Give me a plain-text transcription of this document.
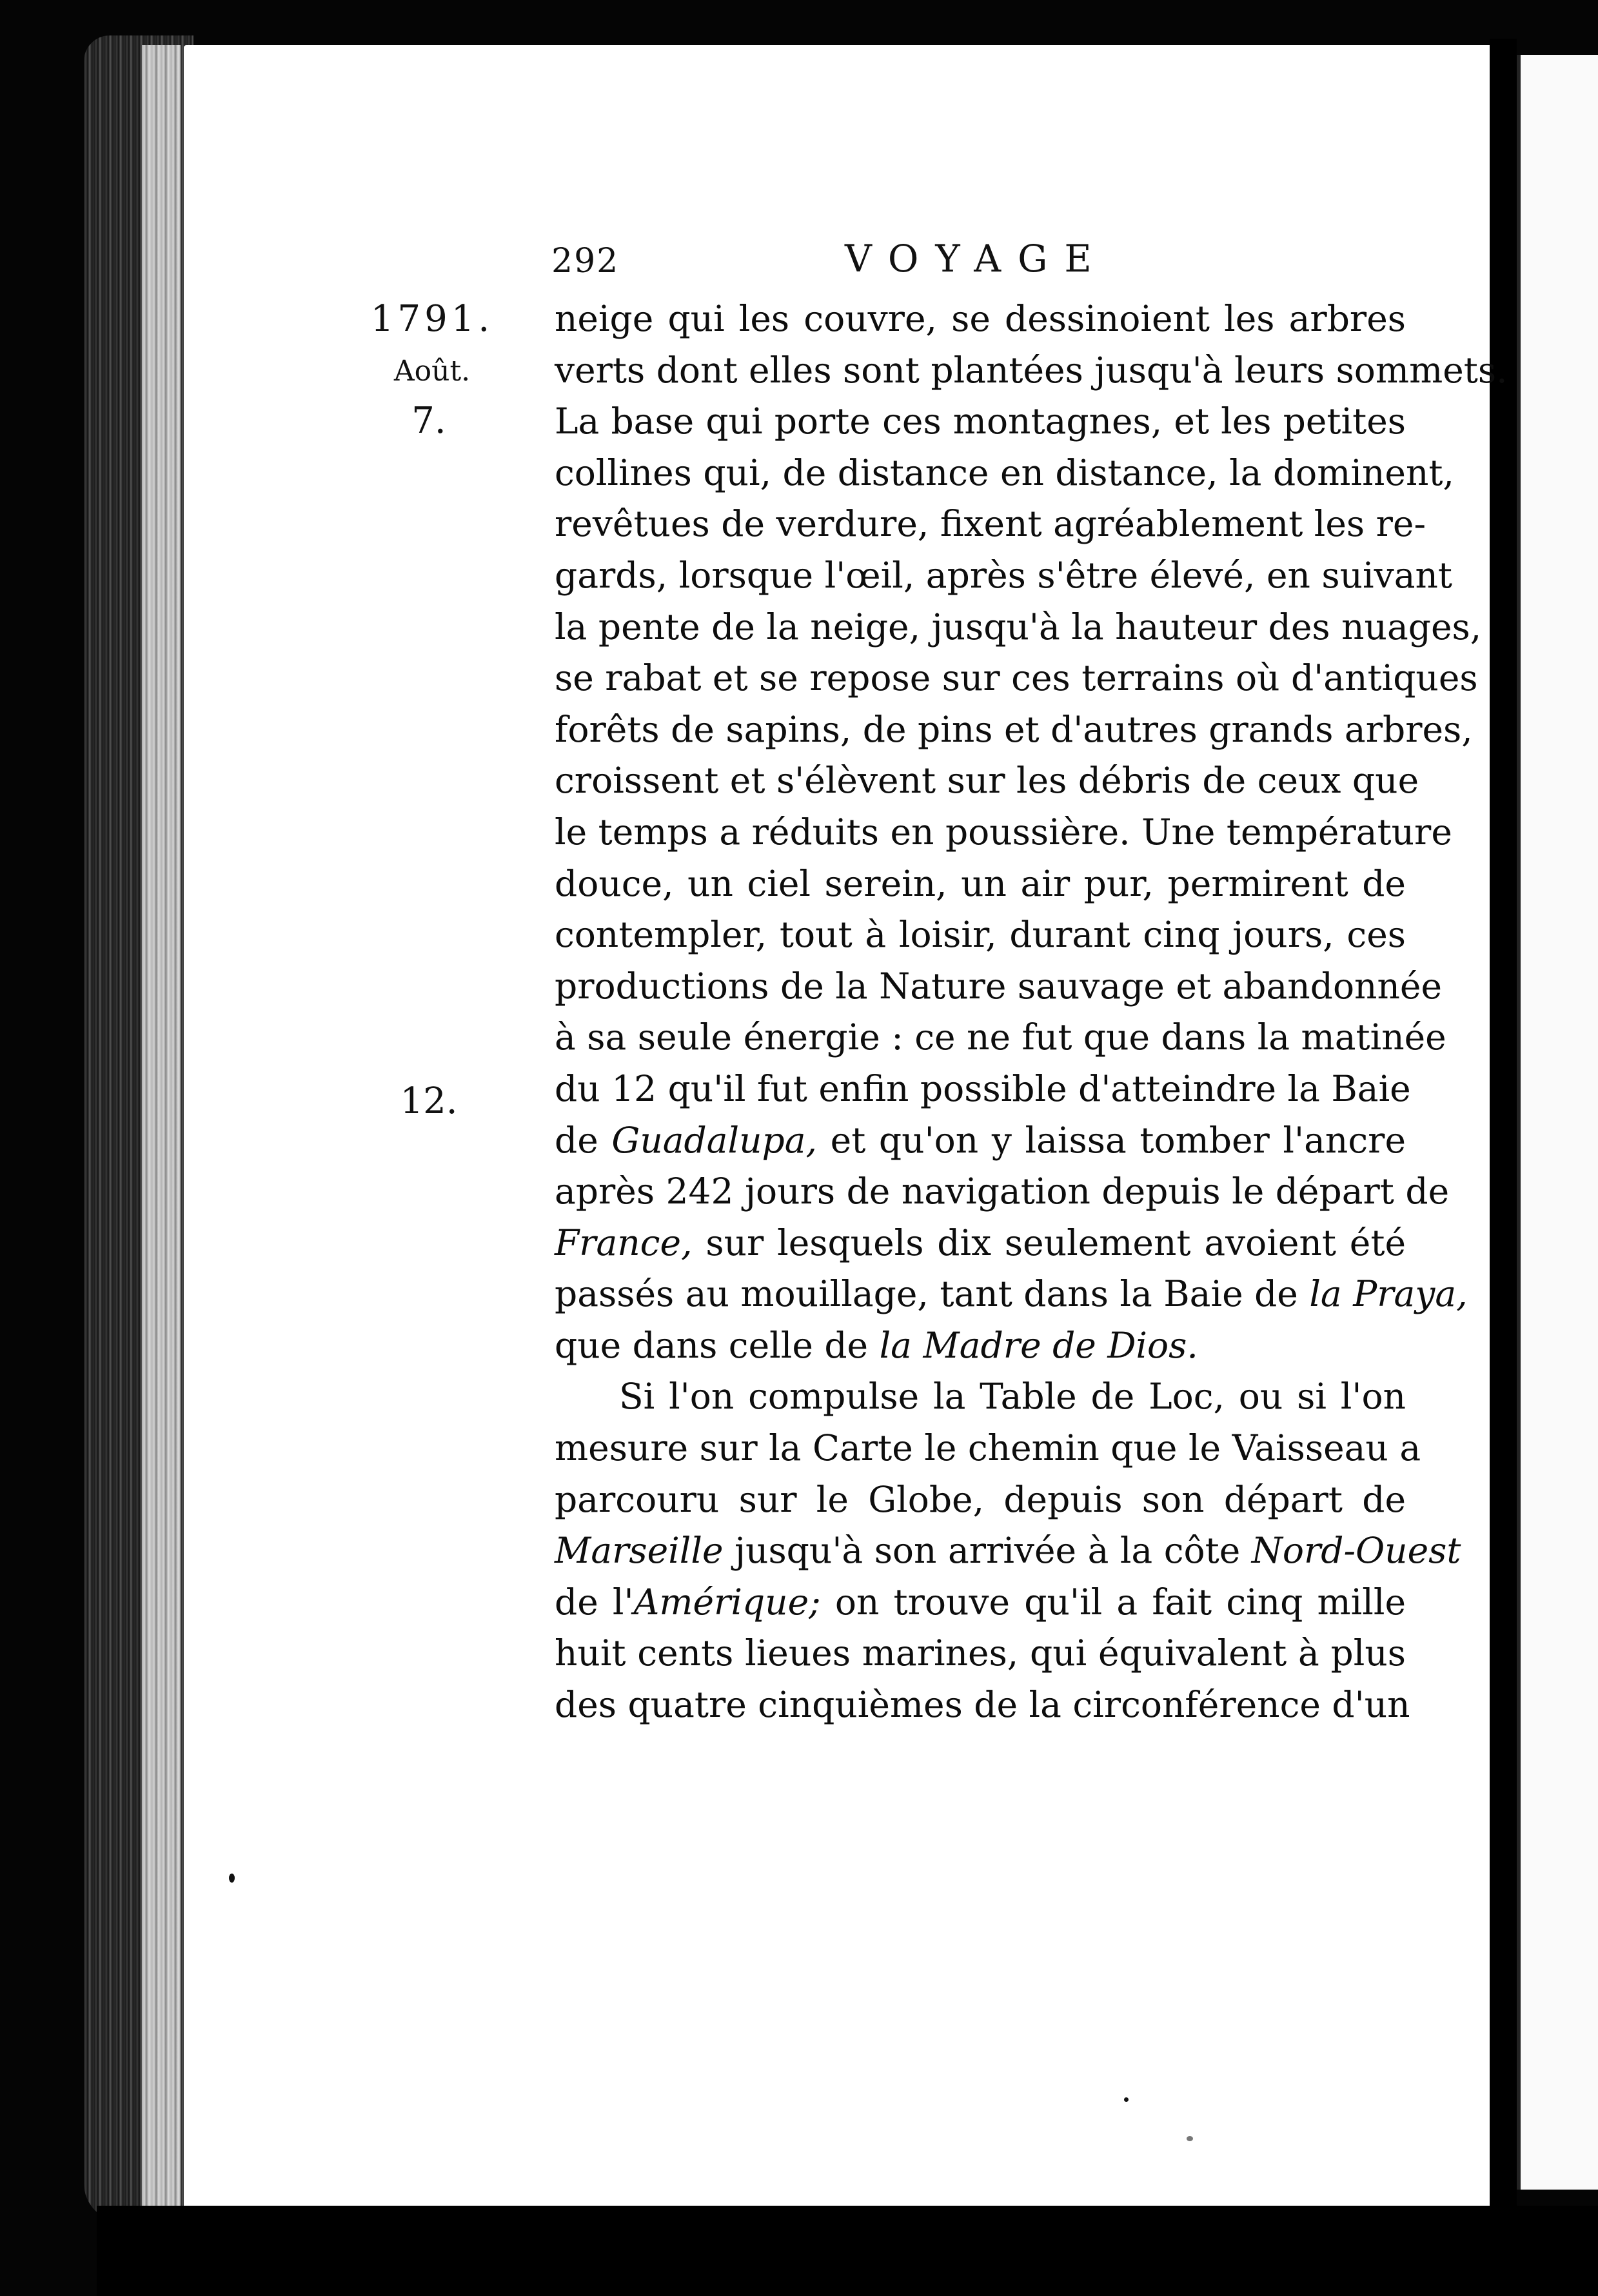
292	VOYAGE
1791.
Août.
7.
12.
neige qui les couvre, se dessinoient les arbres
verts dont elles sont plantées jusqu'à leurs sommets.
La base qui porte ces montagnes, et les petites
collines qui, de distance en distance, la dominent,
revêtues de verdure, fixent agréablement les re-
gards, lorsque l'œil, après s'être élevé, en suivant
la pente de la neige, jusqu'à la hauteur des nuages,
se rabat et se repose sur ces terrains où d'antiques
forêts de sapins, de pins et d'autres grands arbres,
croissent et s'élèvent sur les débris de ceux que
le temps a réduits en poussière. Une température
douce, un ciel serein, un air pur, permirent de
contempler, tout à loisir, durant cinq jours, ces
productions de la Nature sauvage et abandonnée
à sa seule énergie : ce ne fut que dans la matinée
du 12 qu'il fut enfin possible d'atteindre la Baie
de Guadalupa, et qu'on y laissa tomber l'ancre
après 242 jours de navigation depuis le départ de
France, sur lesquels dix seulement avoient été
passés au mouillage, tant dans la Baie de la Praya,
que dans celle de la Madre de Dios.
Si l'on compulse la Table de Loc, ou si l'on
mesure sur la Carte le chemin que le Vaisseau a
parcouru sur le Globe, depuis son départ de
Marseille jusqu'à son arrivée à la côte Nord-Ouest
de l'Amérique; on trouve qu'il a fait cinq mille
huit cents lieues marines, qui équivalent à plus
des quatre cinquièmes de la circonférence d'un
